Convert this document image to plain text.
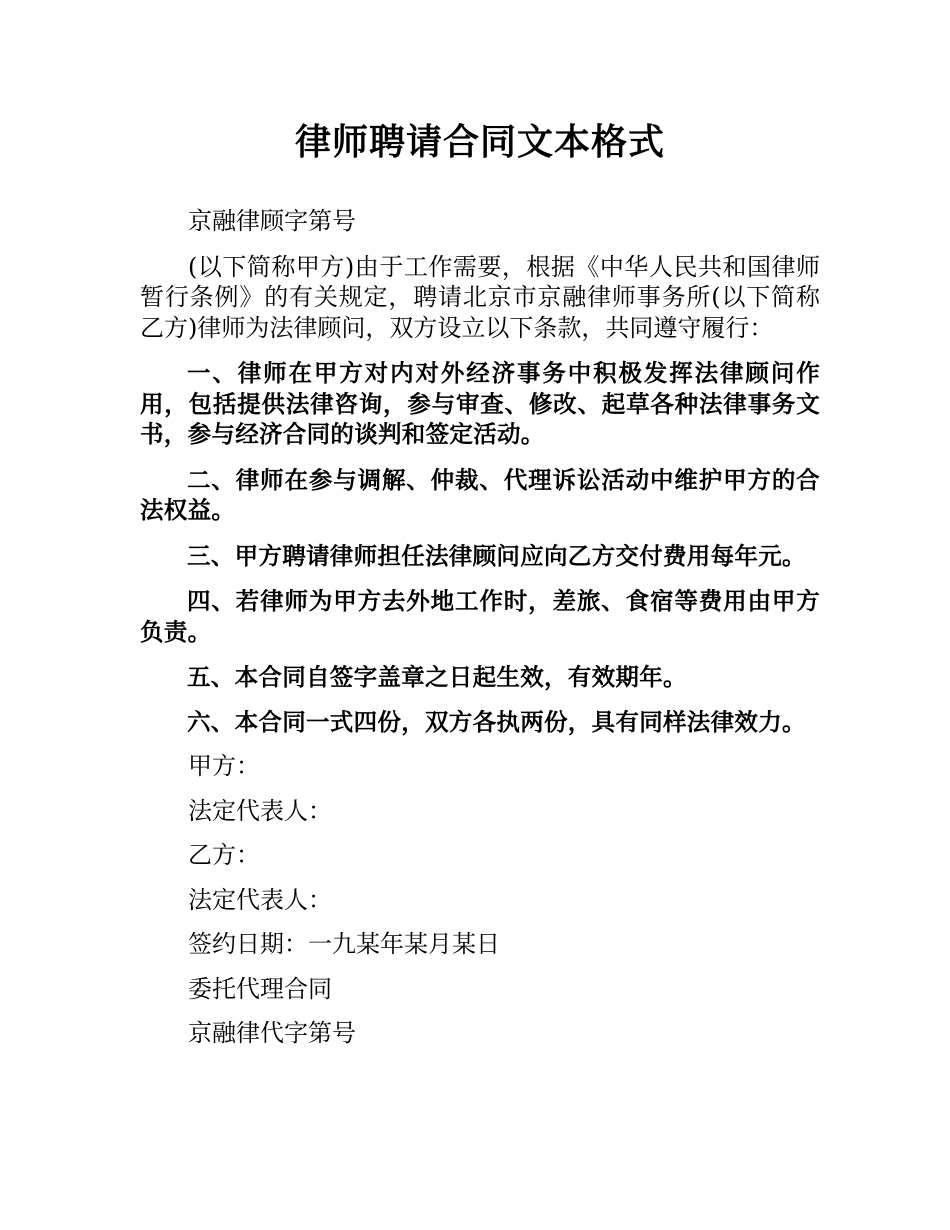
律师聘请合同文本格式

京融律顾字第号

(以下简称甲方)由于工作需要，根据《中华人民共和国律师暂行条例》的有关规定，聘请北京市京融律师事务所(以下简称乙方)律师为法律顾问，双方设立以下条款，共同遵守履行：

一、律师在甲方对内对外经济事务中积极发挥法律顾问作用，包括提供法律咨询，参与审查、修改、起草各种法律事务文书，参与经济合同的谈判和签定活动。

二、律师在参与调解、仲裁、代理诉讼活动中维护甲方的合法权益。

三、甲方聘请律师担任法律顾问应向乙方交付费用每年元。

四、若律师为甲方去外地工作时，差旅、食宿等费用由甲方负责。

五、本合同自签字盖章之日起生效，有效期年。

六、本合同一式四份，双方各执两份，具有同样法律效力。

甲方：

法定代表人：

乙方：

法定代表人：

签约日期：一九某年某月某日

委托代理合同

京融律代字第号
